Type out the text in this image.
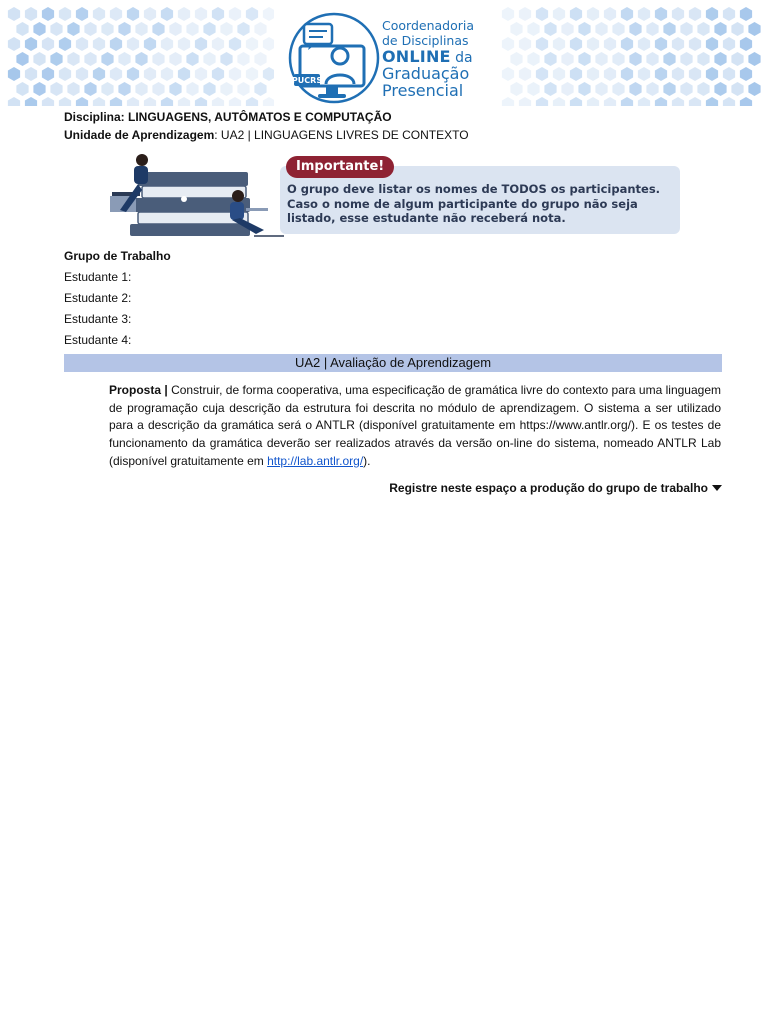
PUCRS
Coordenadoria
de Disciplinas
ONLINE da
Graduação
Presencial
Disciplina: LINGUAGENS, AUTÔMATOS E COMPUTAÇÃO
Unidade de Aprendizagem: UA2 | LINGUAGENS LIVRES DE CONTEXTO
Importante!
O grupo deve listar os nomes de TODOS os participantes. Caso o nome de algum participante do grupo não seja listado, esse estudante não receberá nota.
Grupo de Trabalho
Estudante 1:
Estudante 2:
Estudante 3:
Estudante 4:
UA2 | Avaliação de Aprendizagem
Proposta | Construir, de forma cooperativa, uma especificação de gramática livre do contexto para uma linguagem de programação cuja descrição da estrutura foi descrita no módulo de aprendizagem. O sistema a ser utilizado para a descrição da gramática será o ANTLR (disponível gratuitamente em https://www.antlr.org/). E os testes de funcionamento da gramática deverão ser realizados através da versão on-line do sistema, nomeado ANTLR Lab (disponível gratuitamente em http://lab.antlr.org/).
Registre neste espaço a produção do grupo de trabalho
